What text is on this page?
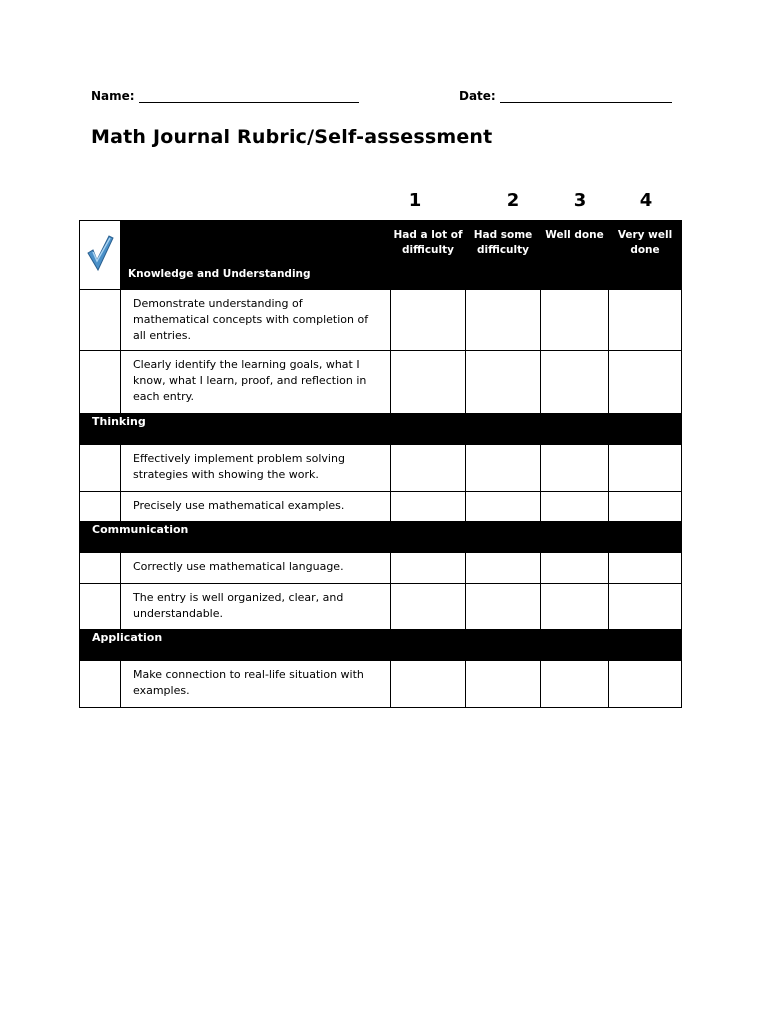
Name:	Date:
Math Journal Rubric/Self-assessment
1	2	3	4
	Knowledge and Understanding	Had a lot of difficulty	Had some difficulty	Well done	Very well done
	Demonstrate understanding of mathematical concepts with completion of all entries.				
	Clearly identify the learning goals, what I know, what I learn, proof, and reflection in each entry.				
Thinking					
	Effectively implement problem solving strategies with showing the work.				
	Precisely use mathematical examples.				
Communication					
	Correctly use mathematical language.				
	The entry is well organized, clear, and understandable.				
Application					
	Make connection to real-life situation with examples.				
